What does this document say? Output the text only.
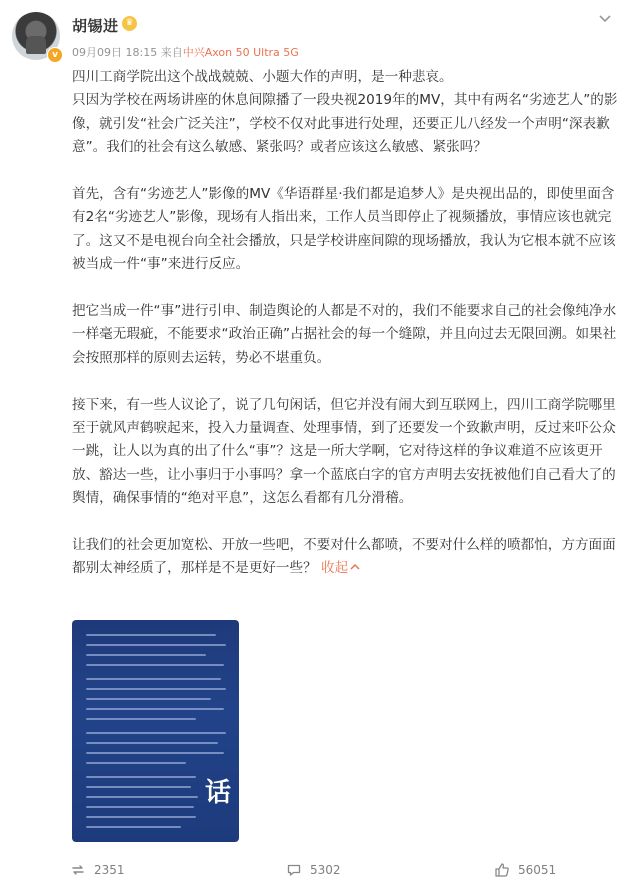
v
胡锡进 ♛
09月09日 18:15 来自中兴Axon 50 Ultra 5G

四川工商学院出这个战战兢兢、小题大作的声明，是一种悲哀。

只因为学校在两场讲座的休息间隙播了一段央视2019年的MV，其中有两名“劣迹艺人”的影像，就引发“社会广泛关注”，学校不仅对此事进行处理，还要正儿八经发一个声明“深表歉意”。我们的社会有这么敏感、紧张吗？或者应该这么敏感、紧张吗？

首先，含有“劣迹艺人”影像的MV《华语群星·我们都是追梦人》是央视出品的，即使里面含有2名“劣迹艺人”影像，现场有人指出来，工作人员当即停止了视频播放，事情应该也就完了。这又不是电视台向全社会播放，只是学校讲座间隙的现场播放，我认为它根本就不应该被当成一件“事”来进行反应。

把它当成一件“事”进行引申、制造舆论的人都是不对的，我们不能要求自己的社会像纯净水一样毫无瑕疵，不能要求“政治正确”占据社会的每一个缝隙，并且向过去无限回溯。如果社会按照那样的原则去运转，势必不堪重负。

接下来，有一些人议论了，说了几句闲话，但它并没有闹大到互联网上，四川工商学院哪里至于就风声鹤唳起来，投入力量调查、处理事情，到了还要发一个致歉声明，反过来吓公众一跳，让人以为真的出了什么“事”？这是一所大学啊，它对待这样的争议难道不应该更开放、豁达一些，让小事归于小事吗？拿一个蓝底白字的官方声明去安抚被他们自己看大了的舆情，确保事情的“绝对平息”，这怎么看都有几分滑稽。

让我们的社会更加宽松、开放一些吧，不要对什么都喷，不要对什么样的喷都怕，方方面面都别太神经质了，那样是不是更好一些？ 收起

话
2351	5302	56051
